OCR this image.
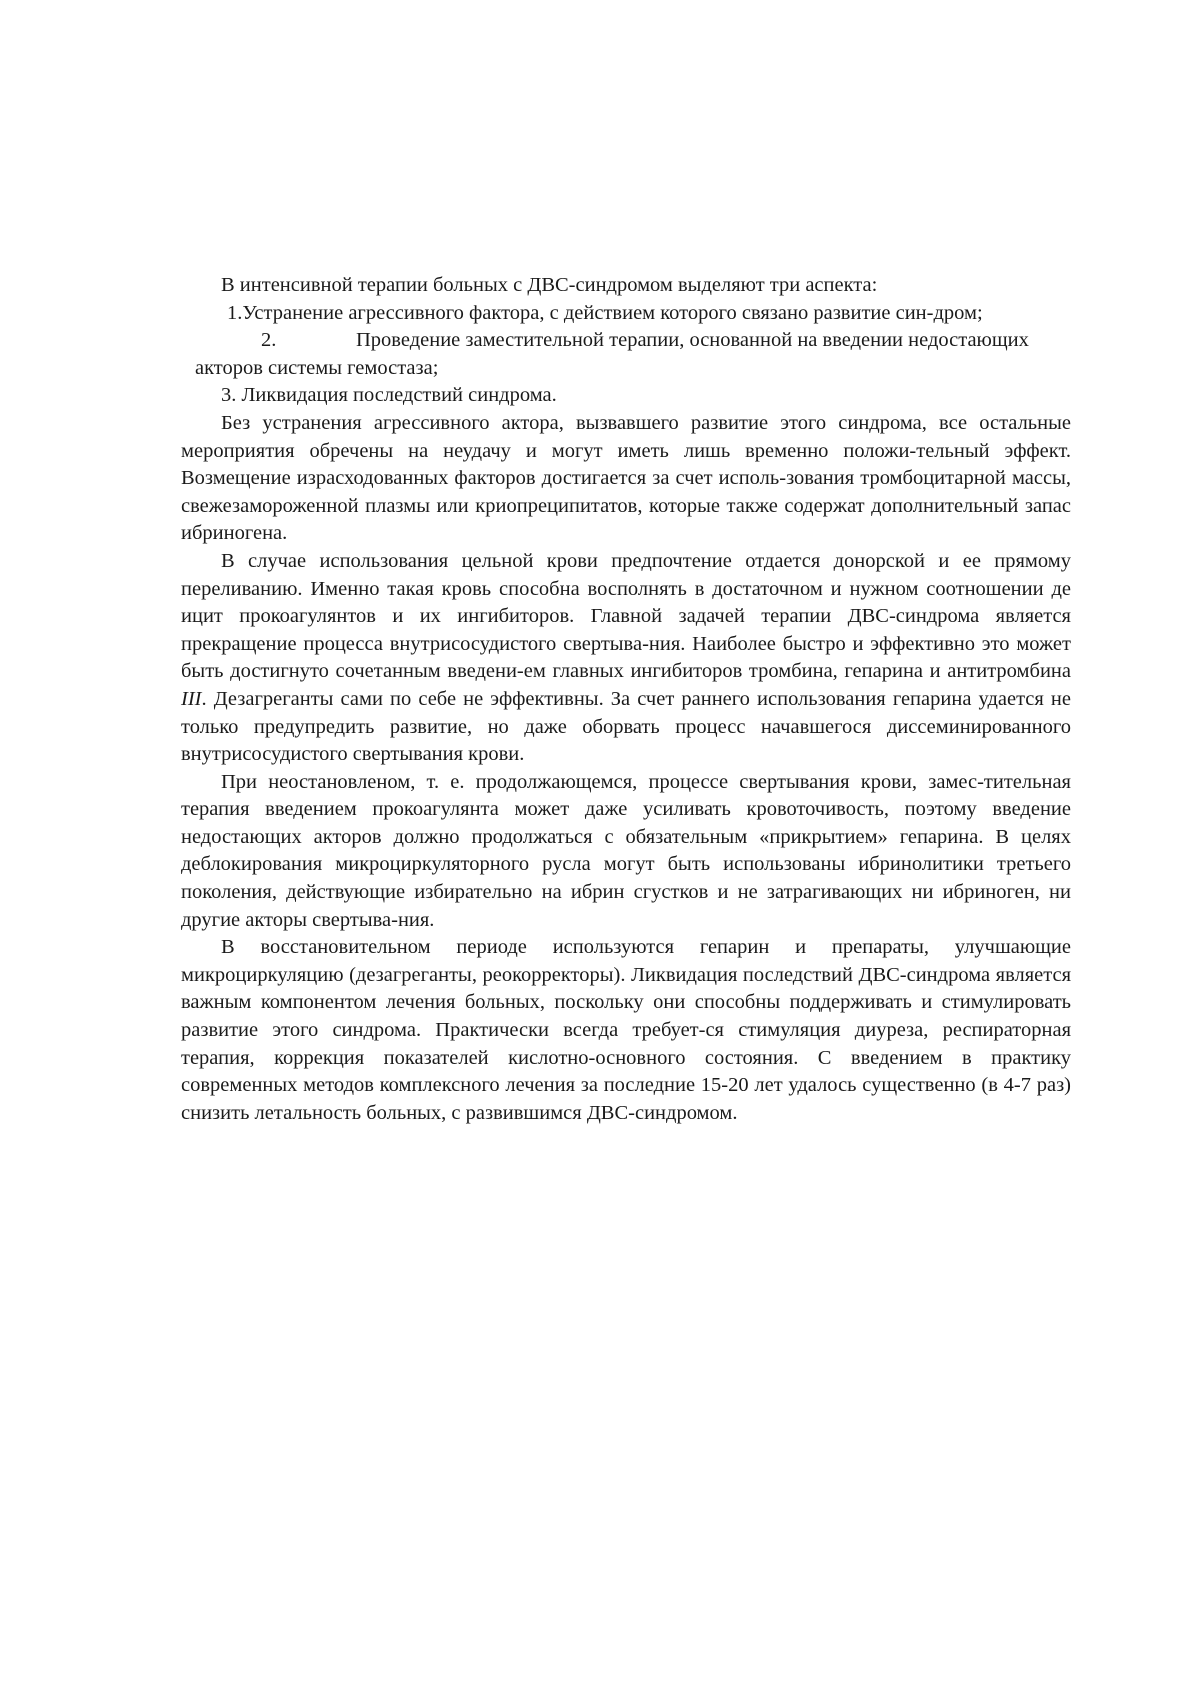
В интенсивной терапии больных с ДВС-синдромом выделяют три аспекта:

1.Устранение агрессивного фактора, с действием которого связано развитие син-дром;

2.	Проведение заместительной терапии, основанной на введении недостающих
акторов системы гемостаза;

3. Ликвидация последствий синдрома.

Без устранения агрессивного актора, вызвавшего развитие этого синдрома, все остальные мероприятия обречены на неудачу и могут иметь лишь временно положи-тельный эффект. Возмещение израсходованных факторов достигается за счет исполь-зования тромбоцитарной массы, свежезамороженной плазмы или криопреципитатов, которые также содержат дополнительный запас ибриногена.

В случае использования цельной крови предпочтение отдается донорской и ее прямому переливанию. Именно такая кровь способна восполнять в достаточном и нужном соотношении де ицит прокоагулянтов и их ингибиторов. Главной задачей терапии ДВС-синдрома является прекращение процесса внутрисосудистого свертыва-ния. Наиболее быстро и эффективно это может быть достигнуто сочетанным введени-ем главных ингибиторов тромбина, гепарина и антитромбина III. Дезагреганты сами по себе не эффективны. За счет раннего использования гепарина удается не только предупредить развитие, но даже оборвать процесс начавшегося диссеминированного внутрисосудистого свертывания крови.

При неостановленом, т. е. продолжающемся, процессе свертывания крови, замес-тительная терапия введением прокоагулянта может даже усиливать кровоточивость, поэтому введение недостающих акторов должно продолжаться с обязательным «прикрытием» гепарина. В целях деблокирования микроциркуляторного русла могут быть использованы ибринолитики третьего поколения, действующие избирательно на ибрин сгустков и не затрагивающих ни ибриноген, ни другие акторы свертыва-ния.

В восстановительном периоде используются гепарин и препараты, улучшающие микроциркуляцию (дезагреганты, реокорректоры). Ликвидация последствий ДВС-синдрома является важным компонентом лечения больных, поскольку они способны поддерживать и стимулировать развитие этого синдрома. Практически всегда требует-ся стимуляция диуреза, респираторная терапия, коррекция показателей кислотно-основного состояния. С введением в практику современных методов комплексного лечения за последние 15-20 лет удалось существенно (в 4-7 раз) снизить летальность больных, с развившимся ДВС-синдромом.
